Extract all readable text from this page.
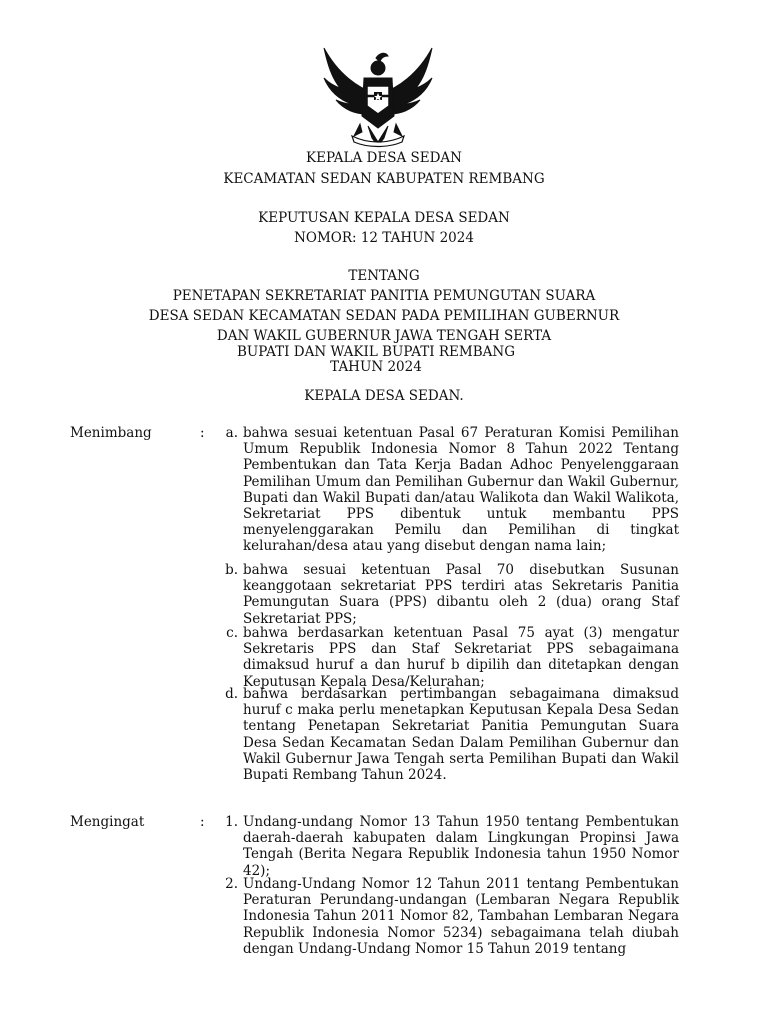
KEPALA DESA SEDAN
KECAMATAN SEDAN KABUPATEN REMBANG
KEPUTUSAN KEPALA DESA SEDAN
NOMOR: 12 TAHUN 2024
TENTANG
PENETAPAN SEKRETARIAT PANITIA PEMUNGUTAN SUARA
DESA SEDAN KECAMATAN SEDAN PADA PEMILIHAN GUBERNUR
DAN WAKIL GUBERNUR JAWA TENGAH SERTA
BUPATI DAN WAKIL BUPATI REMBANG
TAHUN 2024
KEPALA DESA SEDAN.
Menimbang	:	a. bahwa sesuai ketentuan Pasal 67 Peraturan Komisi Pemilihan Umum Republik Indonesia Nomor 8 Tahun 2022 Tentang Pembentukan dan Tata Kerja Badan Adhoc Penyelenggaraan Pemilihan Umum dan Pemilihan Gubernur dan Wakil Gubernur, Bupati dan Wakil Bupati dan/atau Walikota dan Wakil Walikota, Sekretariat PPS dibentuk untuk membantu PPS menyelenggarakan Pemilu dan Pemilihan di tingkat kelurahan/desa atau yang disebut dengan nama lain;
b. bahwa sesuai ketentuan Pasal 70 disebutkan Susunan keanggotaan sekretariat PPS terdiri atas Sekretaris Panitia Pemungutan Suara (PPS) dibantu oleh 2 (dua) orang Staf Sekretariat PPS;
c. bahwa berdasarkan ketentuan Pasal 75 ayat (3) mengatur Sekretaris PPS dan Staf Sekretariat PPS sebagaimana dimaksud huruf a dan huruf b dipilih dan ditetapkan dengan Keputusan Kepala Desa/Kelurahan;
d. bahwa berdasarkan pertimbangan sebagaimana dimaksud huruf c maka perlu menetapkan Keputusan Kepala Desa Sedan tentang Penetapan Sekretariat Panitia Pemungutan Suara Desa Sedan Kecamatan Sedan Dalam Pemilihan Gubernur dan Wakil Gubernur Jawa Tengah serta Pemilihan Bupati dan Wakil Bupati Rembang Tahun 2024.
Mengingat	:	1. Undang-undang Nomor 13 Tahun 1950 tentang Pembentukan daerah-daerah kabupaten dalam Lingkungan Propinsi Jawa Tengah (Berita Negara Republik Indonesia tahun 1950 Nomor 42);
2. Undang-Undang Nomor 12 Tahun 2011 tentang Pembentukan Peraturan Perundang-undangan (Lembaran Negara Republik Indonesia Tahun 2011 Nomor 82, Tambahan Lembaran Negara Republik Indonesia Nomor 5234) sebagaimana telah diubah dengan Undang-Undang Nomor 15 Tahun 2019 tentang
